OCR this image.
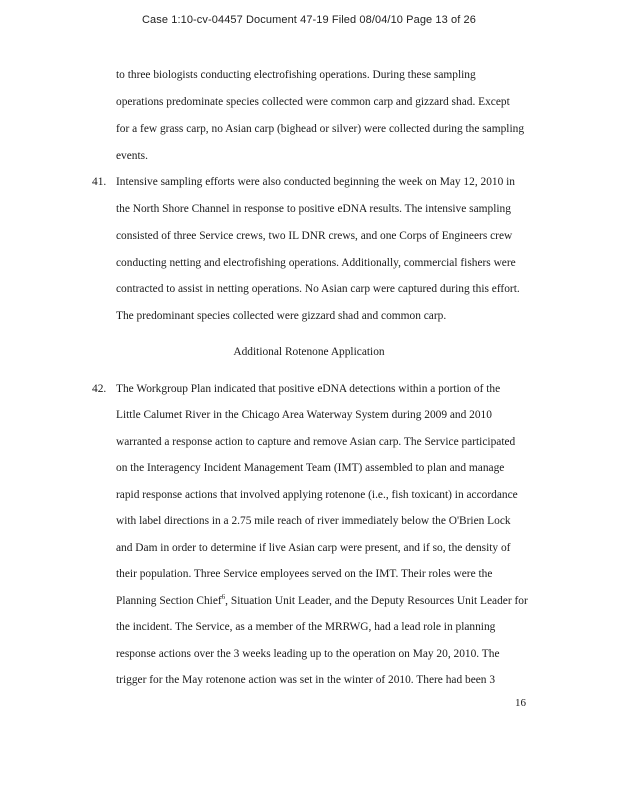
Case 1:10-cv-04457 Document 47-19 Filed 08/04/10 Page 13 of 26
to three biologists conducting electrofishing operations. During these sampling
operations predominate species collected were common carp and gizzard shad. Except
for a few grass carp, no Asian carp (bighead or silver) were collected during the sampling
events.
41. Intensive sampling efforts were also conducted beginning the week on May 12, 2010 in
the North Shore Channel in response to positive eDNA results. The intensive sampling
consisted of three Service crews, two IL DNR crews, and one Corps of Engineers crew
conducting netting and electrofishing operations. Additionally, commercial fishers were
contracted to assist in netting operations. No Asian carp were captured during this effort.
The predominant species collected were gizzard shad and common carp.
Additional Rotenone Application
42. The Workgroup Plan indicated that positive eDNA detections within a portion of the
Little Calumet River in the Chicago Area Waterway System during 2009 and 2010
warranted a response action to capture and remove Asian carp. The Service participated
on the Interagency Incident Management Team (IMT) assembled to plan and manage
rapid response actions that involved applying rotenone (i.e., fish toxicant) in accordance
with label directions in a 2.75 mile reach of river immediately below the O'Brien Lock
and Dam in order to determine if live Asian carp were present, and if so, the density of
their population. Three Service employees served on the IMT. Their roles were the
Planning Section Chief$^6$, Situation Unit Leader, and the Deputy Resources Unit Leader for
the incident. The Service, as a member of the MRRWG, had a lead role in planning
response actions over the 3 weeks leading up to the operation on May 20, 2010. The
trigger for the May rotenone action was set in the winter of 2010. There had been 3
16
